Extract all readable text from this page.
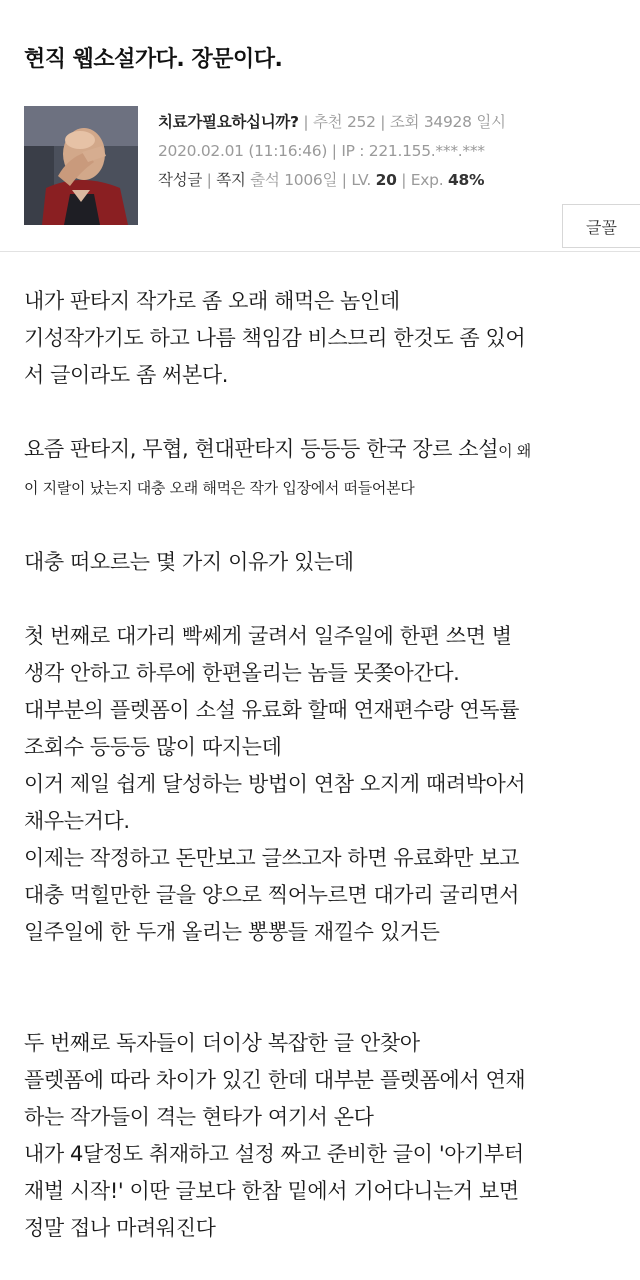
현직 웹소설가다. 장문이다.
치료가필요하십니까? | 추천 252 | 조회 34928 일시
2020.02.01 (11:16:46) | IP : 221.155.***.***
작성글 | 쪽지 출석 1006일 | LV. 20 | Exp. 48%
글꼴

내가 판타지 작가로 좀 오래 해먹은 놈인데

기성작가기도 하고 나름 책임감 비스므리 한것도 좀 있어

서 글이라도 좀 써본다.

요즘 판타지, 무협, 현대판타지 등등등 한국 장르 소설이 왜

이 지랄이 났는지 대충 오래 해먹은 작가 입장에서 떠들어본다

대충 떠오르는 몇 가지 이유가 있는데

첫 번째로 대가리 빡쎄게 굴려서 일주일에 한편 쓰면 별

생각 안하고 하루에 한편올리는 놈들 못쫒아간다.

대부분의 플렛폼이 소설 유료화 할때 연재편수랑 연독률

조회수 등등등 많이 따지는데

이거 제일 쉽게 달성하는 방법이 연참 오지게 때려박아서

채우는거다.

이제는 작정하고 돈만보고 글쓰고자 하면 유료화만 보고

대충 먹힐만한 글을 양으로 찍어누르면 대가리 굴리면서

일주일에 한 두개 올리는 뽕뽕들 재낄수 있거든

두 번째로 독자들이 더이상 복잡한 글 안찾아

플렛폼에 따라 차이가 있긴 한데 대부분 플렛폼에서 연재

하는 작가들이 격는 현타가 여기서 온다

내가 4달정도 취재하고 설정 짜고 준비한 글이 '아기부터

재벌 시작!' 이딴 글보다 한참 밑에서 기어다니는거 보면

정말 접나 마려워진다
